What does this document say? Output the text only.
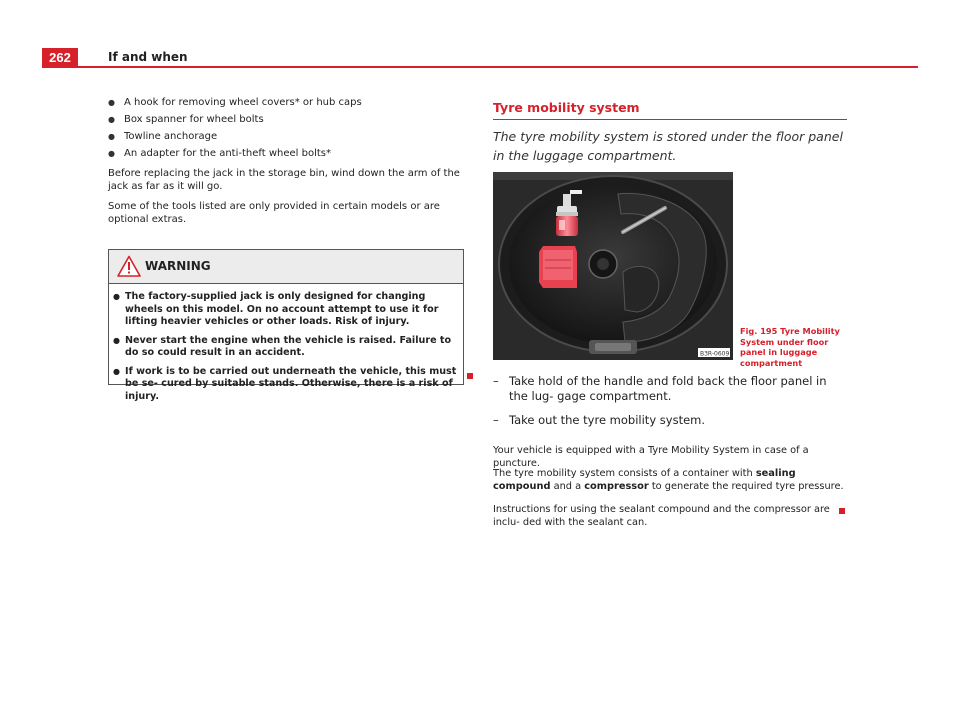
262	If and when
● A hook for removing wheel covers* or hub caps
● Box spanner for wheel bolts
● Towline anchorage
● An adapter for the anti-theft wheel bolts*

Before replacing the jack in the storage bin, wind down the arm of the jack as far as it will go.

Some of the tools listed are only provided in certain models or are optional extras.

WARNING

● The factory-supplied jack is only designed for changing wheels on this model. On no account attempt to use it for lifting heavier vehicles or other loads. Risk of injury.

● Never start the engine when the vehicle is raised. Failure to do so could result in an accident.

● If work is to be carried out underneath the vehicle, this must be se- cured by suitable stands. Otherwise, there is a risk of injury.

Tyre mobility system

The tyre mobility system is stored under the floor panel in the luggage compartment.

B3R-0609
Fig. 195 Tyre Mobility System under floor panel in luggage compartment

– Take hold of the handle and fold back the floor panel in the lug- gage compartment.

– Take out the tyre mobility system.

Your vehicle is equipped with a Tyre Mobility System in case of a puncture.

The tyre mobility system consists of a container with sealing compound and a compressor to generate the required tyre pressure.

Instructions for using the sealant compound and the compressor are inclu- ded with the sealant can.
